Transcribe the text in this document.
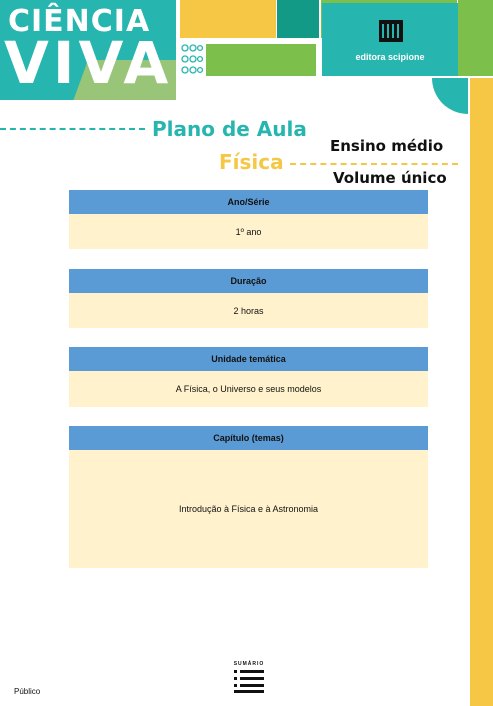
CIÊNCIA
VIVA	editora scipione
Plano de Aula
Física
Ensino médio
Volume único
Ano/Série
1º ano
Duração
2 horas
Unidade temática
A Física, o Universo e seus modelos
Capítulo (temas)
Introdução à Física e à Astronomia
SUMÁRIO
Público
